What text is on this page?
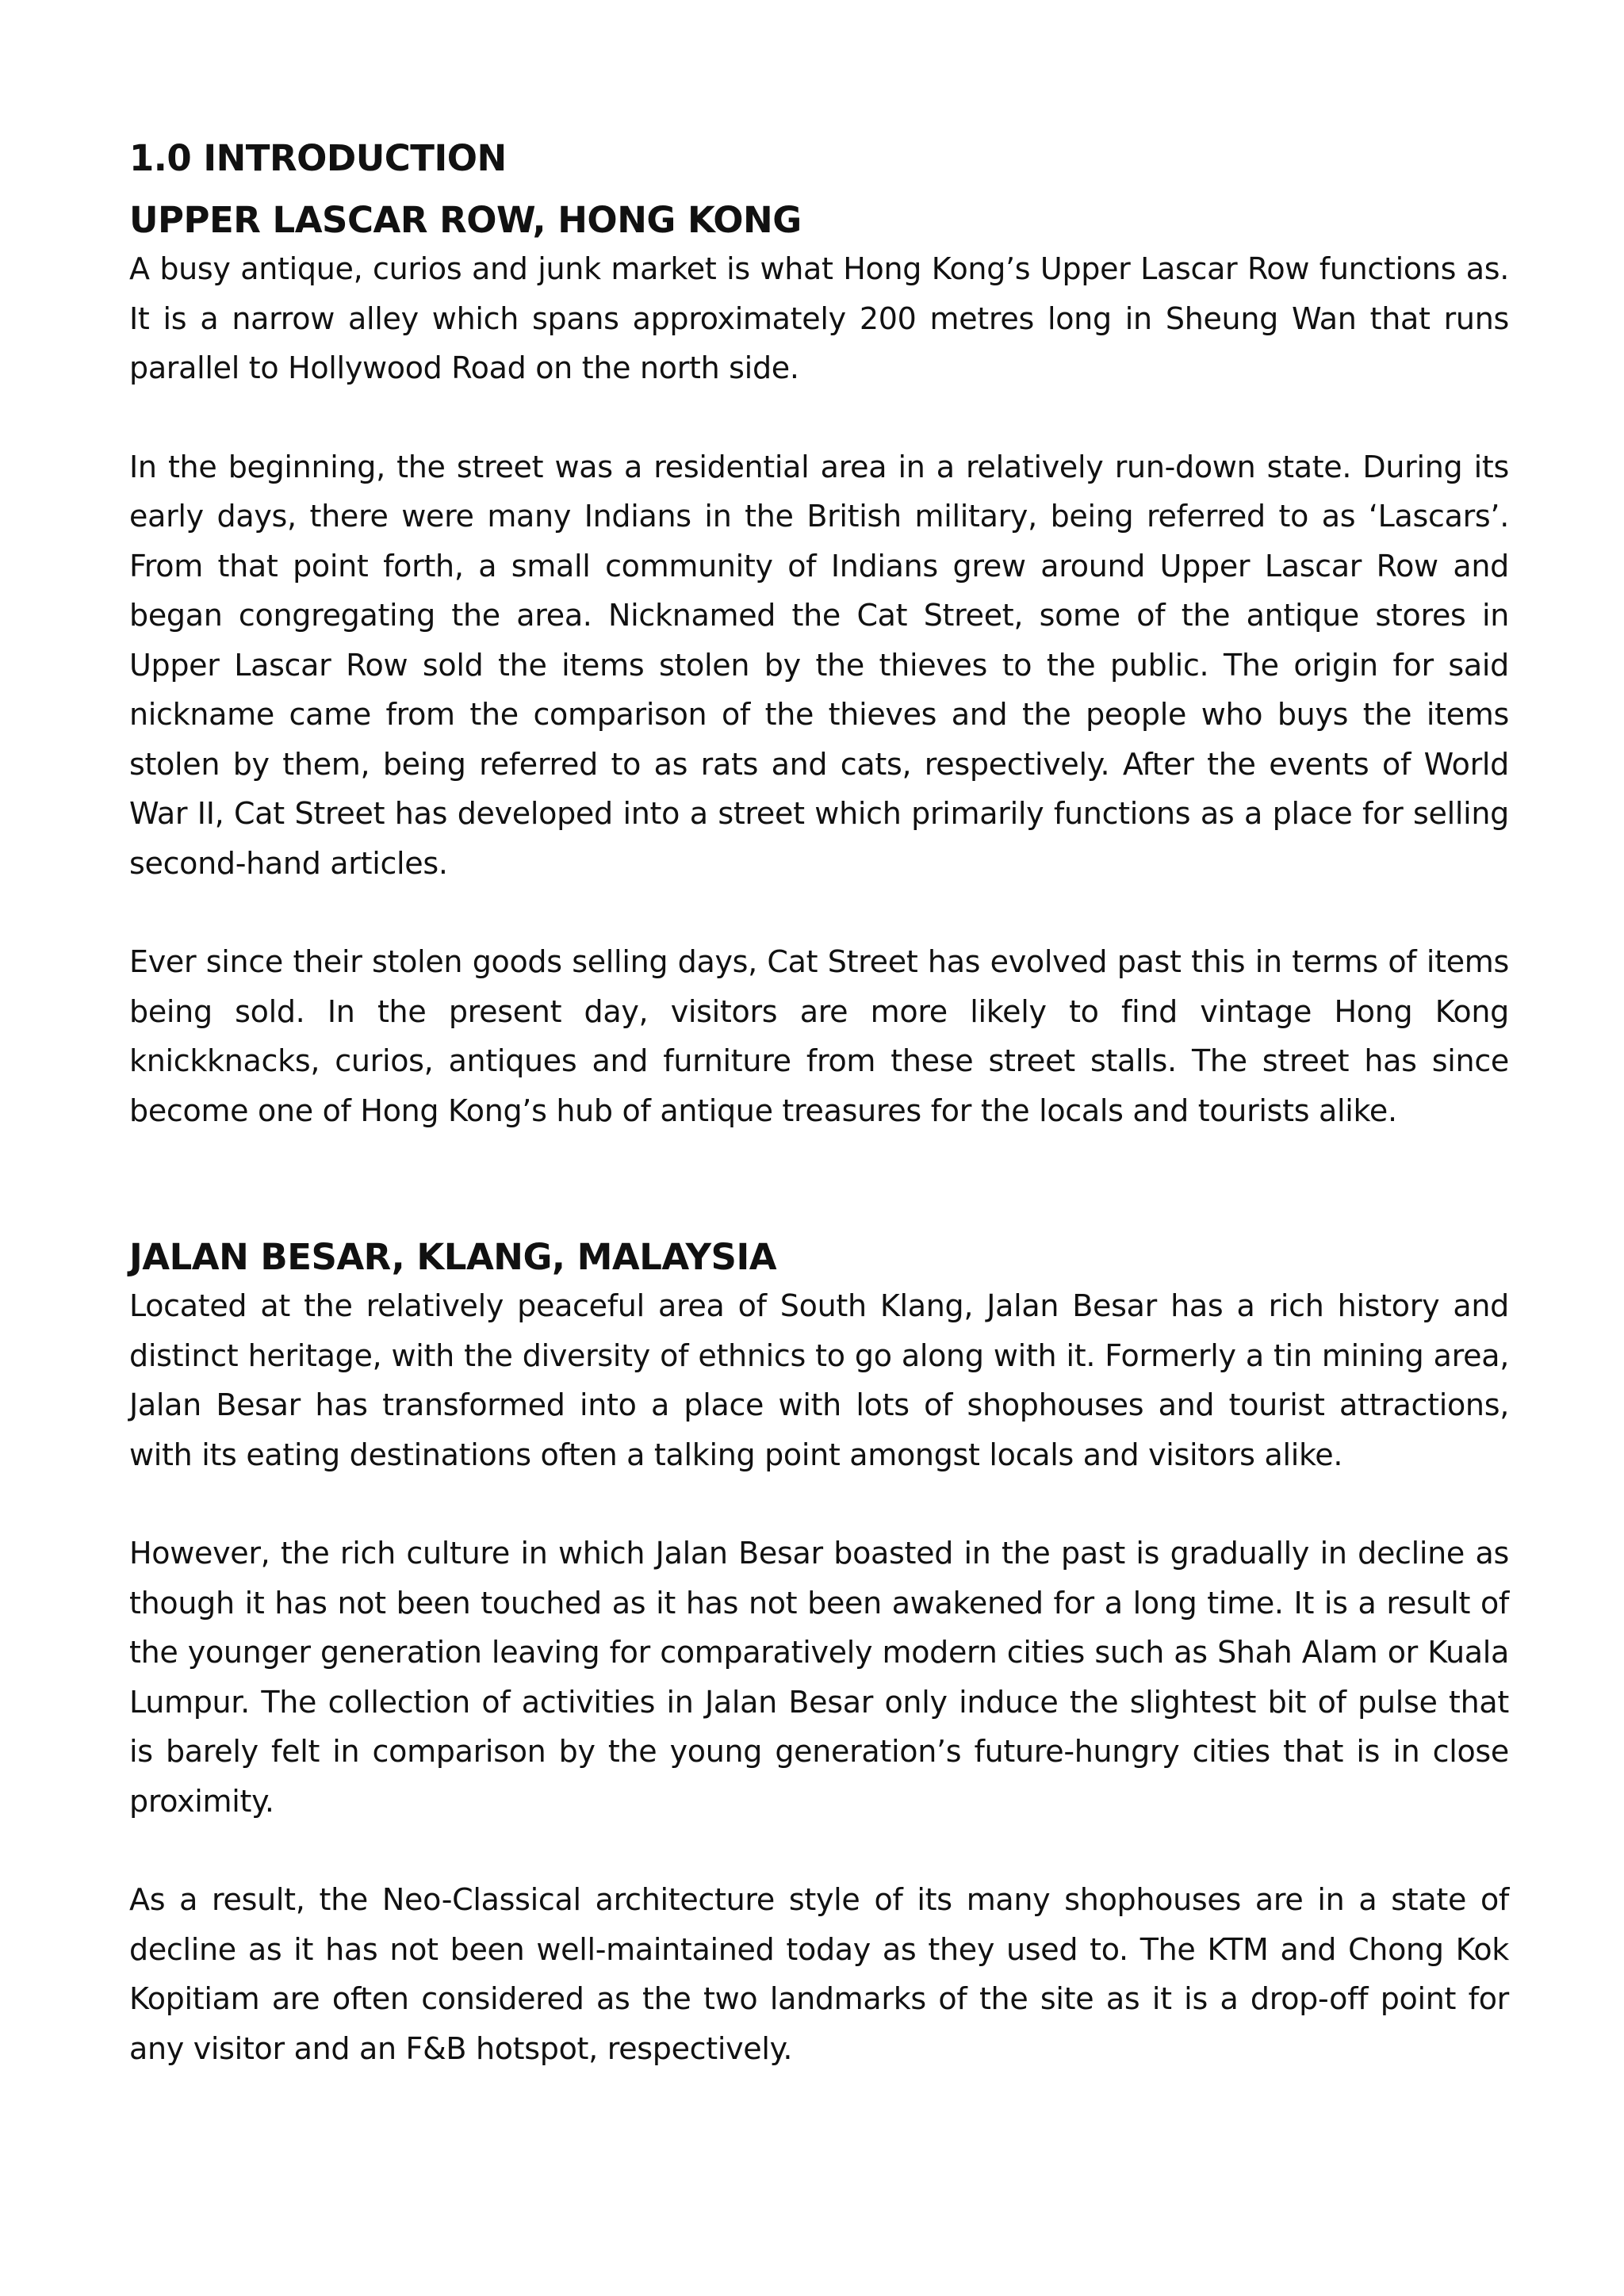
1.0 INTRODUCTION
UPPER LASCAR ROW, HONG KONG

A busy antique, curios and junk market is what Hong Kong’s Upper Lascar Row functions as. It is a narrow alley which spans approximately 200 metres long in Sheung Wan that runs parallel to Hollywood Road on the north side.

In the beginning, the street was a residential area in a relatively run-down state. During its early days, there were many Indians in the British military, being referred to as ‘Lascars’. From that point forth, a small community of Indians grew around Upper Lascar Row and began congregating the area. Nicknamed the Cat Street, some of the antique stores in Upper Lascar Row sold the items stolen by the thieves to the public. The origin for said nickname came from the comparison of the thieves and the people who buys the items stolen by them, being referred to as rats and cats, respectively. After the events of World War II, Cat Street has developed into a street which primarily functions as a place for selling second-hand articles.

Ever since their stolen goods selling days, Cat Street has evolved past this in terms of items being sold. In the present day, visitors are more likely to find vintage Hong Kong knickknacks, curios, antiques and furniture from these street stalls. The street has since become one of Hong Kong’s hub of antique treasures for the locals and tourists alike.

JALAN BESAR, KLANG, MALAYSIA

Located at the relatively peaceful area of South Klang, Jalan Besar has a rich history and distinct heritage, with the diversity of ethnics to go along with it. Formerly a tin mining area, Jalan Besar has transformed into a place with lots of shophouses and tourist attractions, with its eating destinations often a talking point amongst locals and visitors alike.

However, the rich culture in which Jalan Besar boasted in the past is gradually in decline as though it has not been touched as it has not been awakened for a long time. It is a result of the younger generation leaving for comparatively modern cities such as Shah Alam or Kuala Lumpur. The collection of activities in Jalan Besar only induce the slightest bit of pulse that is barely felt in comparison by the young generation’s future-hungry cities that is in close proximity.

As a result, the Neo-Classical architecture style of its many shophouses are in a state of decline as it has not been well-maintained today as they used to. The KTM and Chong Kok Kopitiam are often considered as the two landmarks of the site as it is a drop-off point for any visitor and an F&B hotspot, respectively.
